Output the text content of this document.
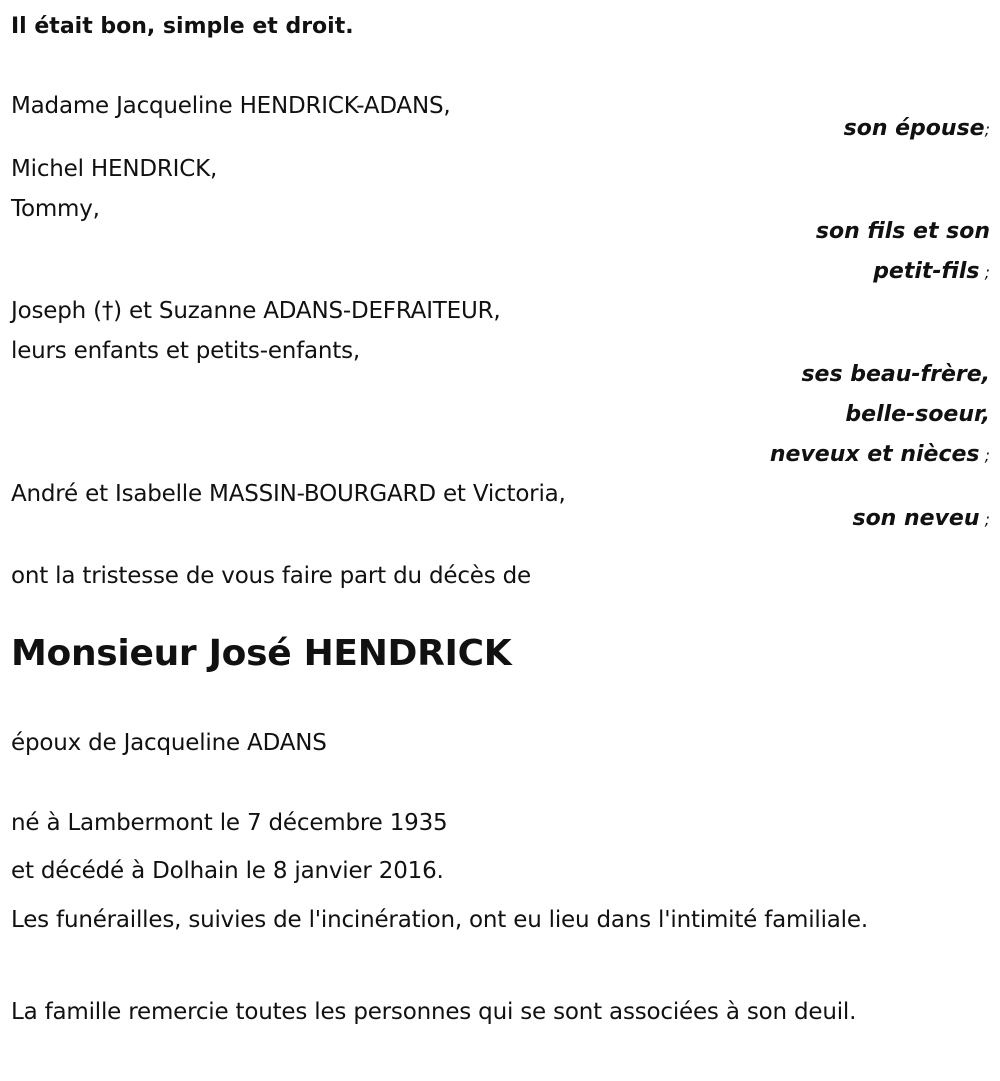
Il était bon, simple et droit.
Madame Jacqueline HENDRICK-ADANS,
son épouse;
Michel HENDRICK,
Tommy,
son fils et son
petit-fils ;
Joseph (†) et Suzanne ADANS-DEFRAITEUR,
leurs enfants et petits-enfants,
ses beau-frère,
belle-soeur,
neveux et nièces ;
André et Isabelle MASSIN-BOURGARD et Victoria,
son neveu ;
ont la tristesse de vous faire part du décès de
Monsieur José HENDRICK
époux de Jacqueline ADANS
né à Lambermont le 7 décembre 1935
et décédé à Dolhain le 8 janvier 2016.
Les funérailles, suivies de l'incinération, ont eu lieu dans l'intimité familiale.
La famille remercie toutes les personnes qui se sont associées à son deuil.
